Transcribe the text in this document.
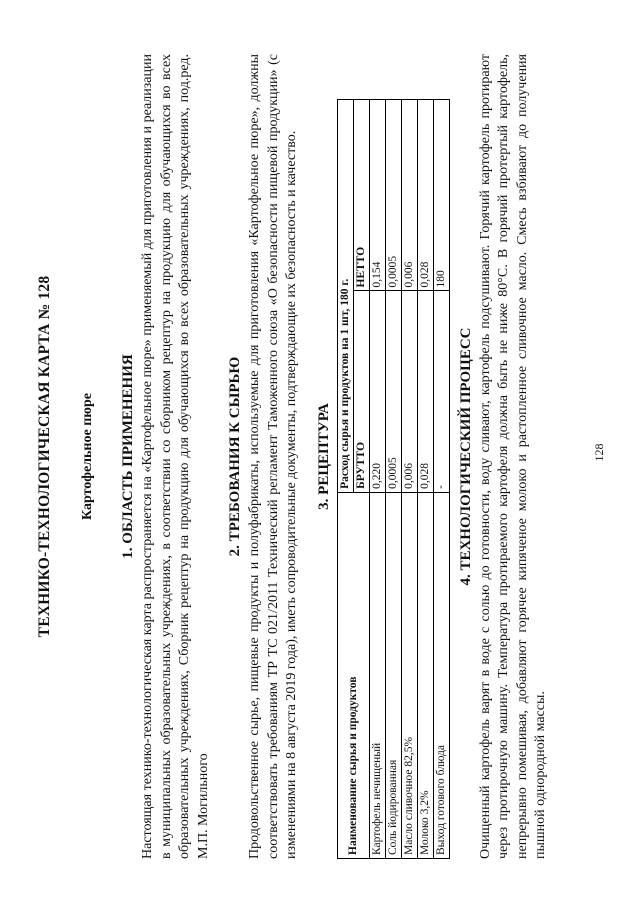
ТЕХНИКО-ТЕХНОЛОГИЧЕСКАЯ КАРТА № 128 Картофельное пюре 1. ОБЛАСТЬ ПРИМЕНЕНИЯ Настоящая технико-технологическая карта распространяется на «Картофельное пюре» применяемый для приготовления и реализации в муниципальных образовательных учреждениях, в соответствии со сборником рецептур на продукцию для обучающихся во всех образовательных учреждениях, Сборник рецептур на продукцию для обучающихся во всех образовательных учреждениях, под.ред. М.П. Могильного
2. ТРЕБОВАНИЯ К СЫРЬЮ Продовольственное сырье, пищевые продукты и полуфабрикаты, используемые для приготовления «Картофельное пюре», должны соответствовать требованиям ТР ТС 021/2011 Технический регламент Таможенного союза «О безопасности пищевой продукции» (с изменениями на 8 августа 2019 года), иметь сопроводительные документы, подтверждающие их безопасность и качество. 3. РЕЦЕПТУРА
Наименование сырья и продуктов	Расход сырья и продуктов на 1 шт, 180 г.	
	БРУТТО	НЕТТО
Картофель нечищеный	0,220	0,154
Соль йодированная	0,0005	0,0005
Масло сливочное 82,5%	0,006	0,006
Молоко 3,2%	0,028	0,028
Выход готового блюда	-	180
4. ТЕХНОЛОГИЧЕСКИЙ ПРОЦЕСС Очищенный картофель варят в воде с солью до готовности, воду сливают, картофель подсушивают. Горячий картофель протирают через протирочную машину. Температура протираемого картофеля должна быть не ниже 80°С. В горячий протертый картофель, непрерывно помешивая, добавляют горячее кипяченое молоко и растопленное сливочное масло. Смесь взбивают до получения пышной однородной массы.
128
